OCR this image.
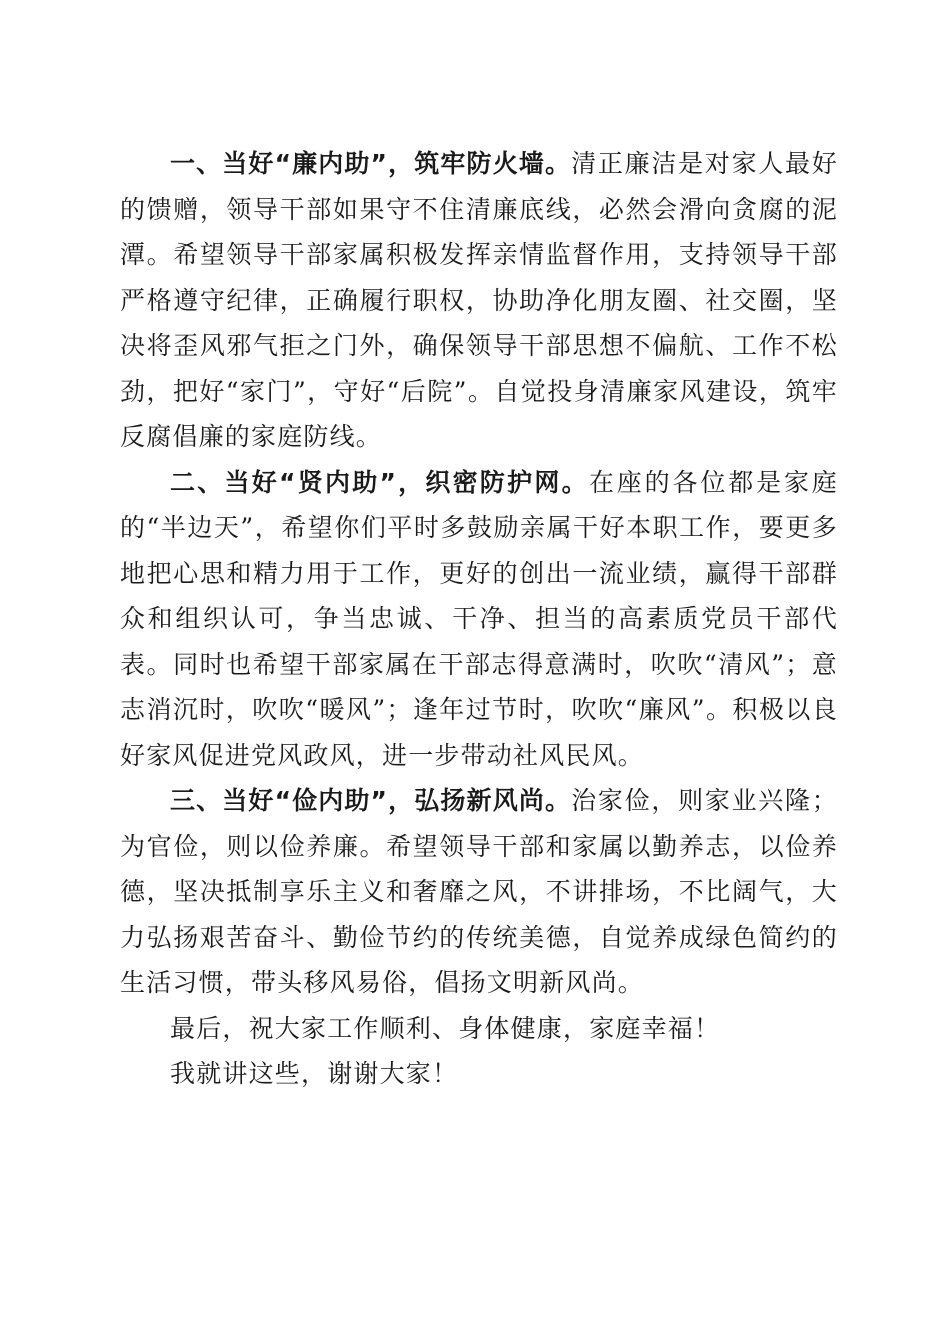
一、当好“廉内助”，筑牢防火墙。清正廉洁是对家人最好的馈赠，领导干部如果守不住清廉底线，必然会滑向贪腐的泥潭。希望领导干部家属积极发挥亲情监督作用，支持领导干部严格遵守纪律，正确履行职权，协助净化朋友圈、社交圈，坚决将歪风邪气拒之门外，确保领导干部思想不偏航、工作不松劲，把好“家门”，守好“后院”。自觉投身清廉家风建设，筑牢反腐倡廉的家庭防线。

二、当好“贤内助”，织密防护网。在座的各位都是家庭的“半边天”，希望你们平时多鼓励亲属干好本职工作，要更多地把心思和精力用于工作，更好的创出一流业绩，赢得干部群众和组织认可，争当忠诚、干净、担当的高素质党员干部代表。同时也希望干部家属在干部志得意满时，吹吹“清风”；意志消沉时，吹吹“暖风”；逢年过节时，吹吹“廉风”。积极以良好家风促进党风政风，进一步带动社风民风。

三、当好“俭内助”，弘扬新风尚。治家俭，则家业兴隆；为官俭，则以俭养廉。希望领导干部和家属以勤养志，以俭养德，坚决抵制享乐主义和奢靡之风，不讲排场，不比阔气，大力弘扬艰苦奋斗、勤俭节约的传统美德，自觉养成绿色简约的生活习惯，带头移风易俗，倡扬文明新风尚。

最后，祝大家工作顺利、身体健康，家庭幸福！

我就讲这些，谢谢大家！
